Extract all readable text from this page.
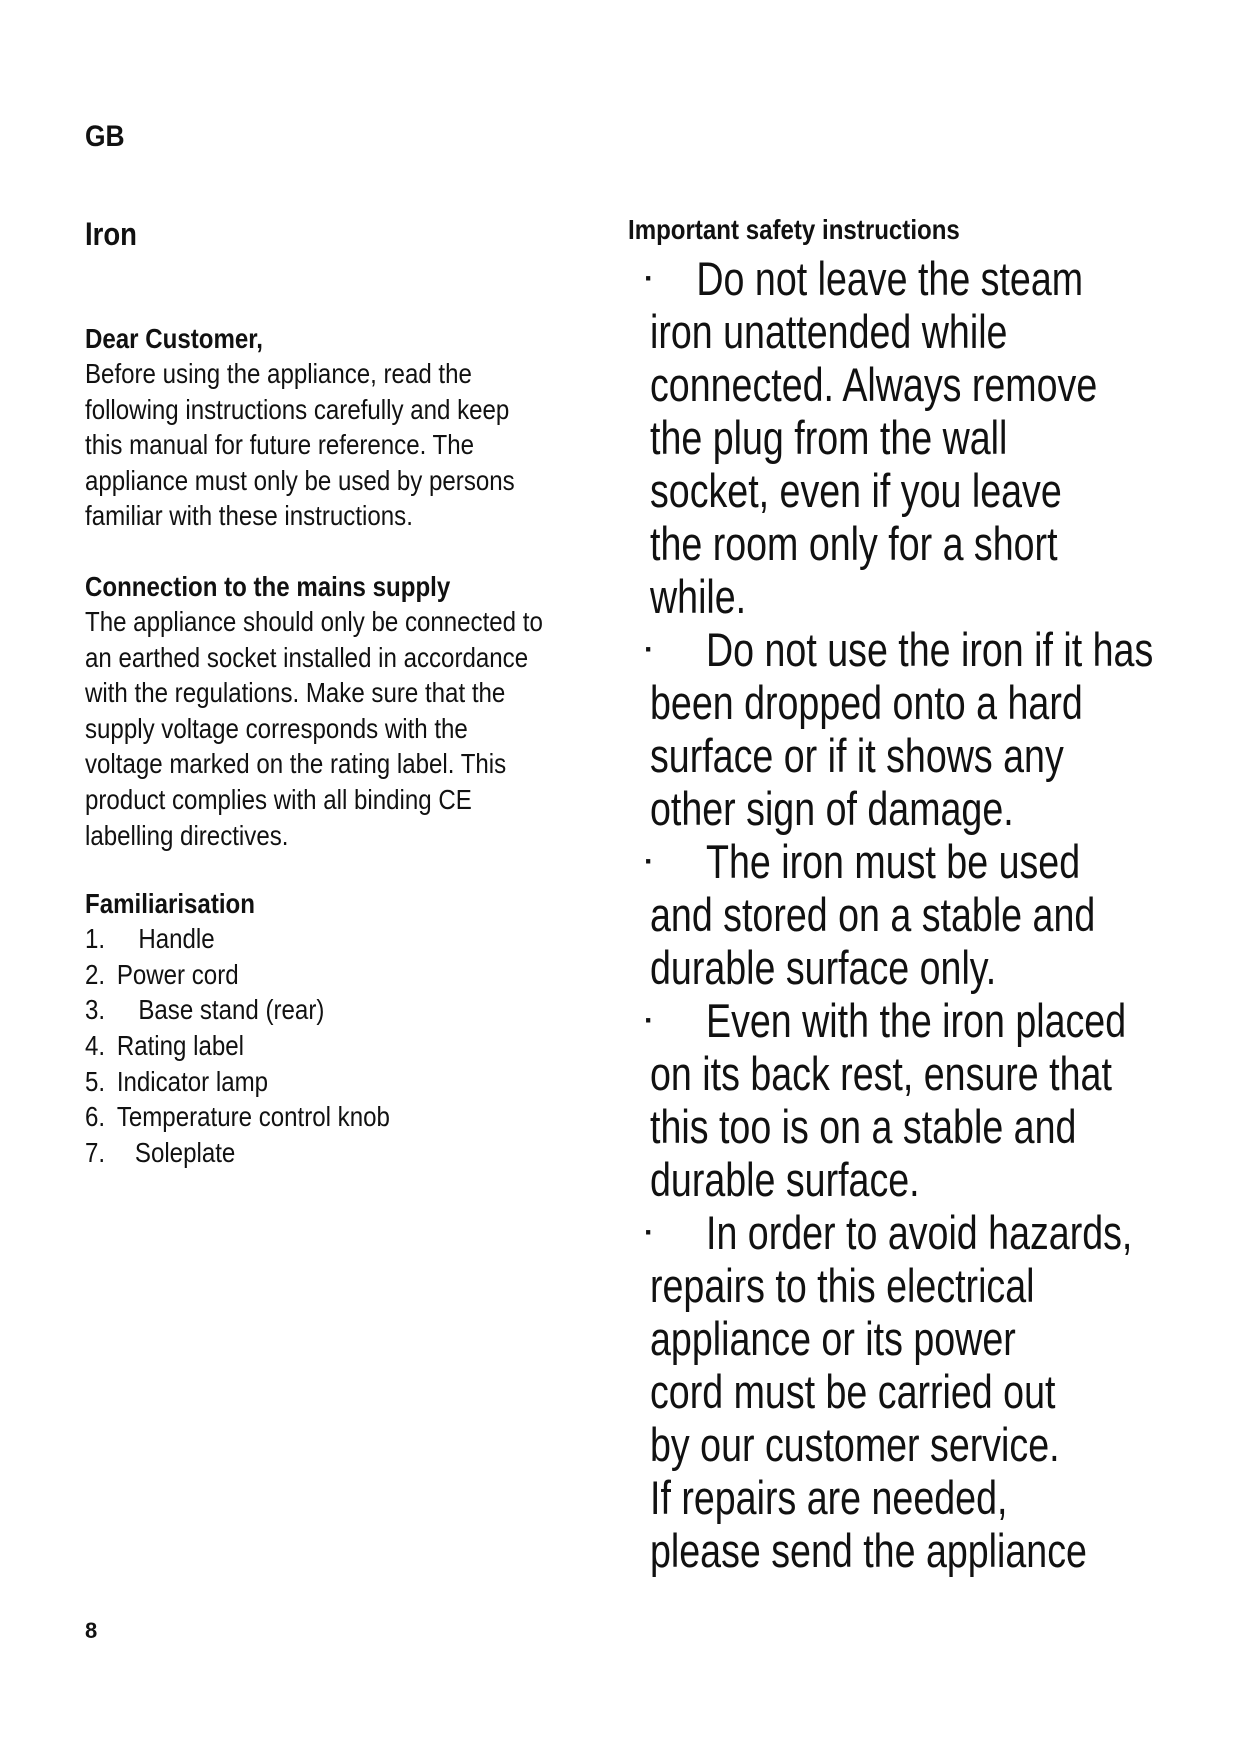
GB
Iron
Dear Customer,
Before using the appliance, read the
following instructions carefully and keep
this manual for future reference. The
appliance must only be used by persons
familiar with these instructions.
Connection to the mains supply
The appliance should only be connected to
an earthed socket installed in accordance
with the regulations. Make sure that the
supply voltage corresponds with the
voltage marked on the rating label. This
product complies with all binding CE
labelling directives.
Familiarisation
1. Handle
2. Power cord
3. Base stand (rear)
4. Rating label
5. Indicator lamp
6. Temperature control knob
7. Soleplate
Important safety instructions
· Do not leave the steam
iron unattended while
connected. Always remove
the plug from the wall
socket, even if you leave
the room only for a short
while.
·	Do not use the iron if it has
been dropped onto a hard
surface or if it shows any
other sign of damage.
·	The iron must be used
and stored on a stable and
durable surface only.
·	Even with the iron placed
on its back rest, ensure that
this too is on a stable and
durable surface.
·	In order to avoid hazards,
repairs to this electrical
appliance or its power
cord must be carried out
by our customer service.
If repairs are needed,
please send the appliance
8
